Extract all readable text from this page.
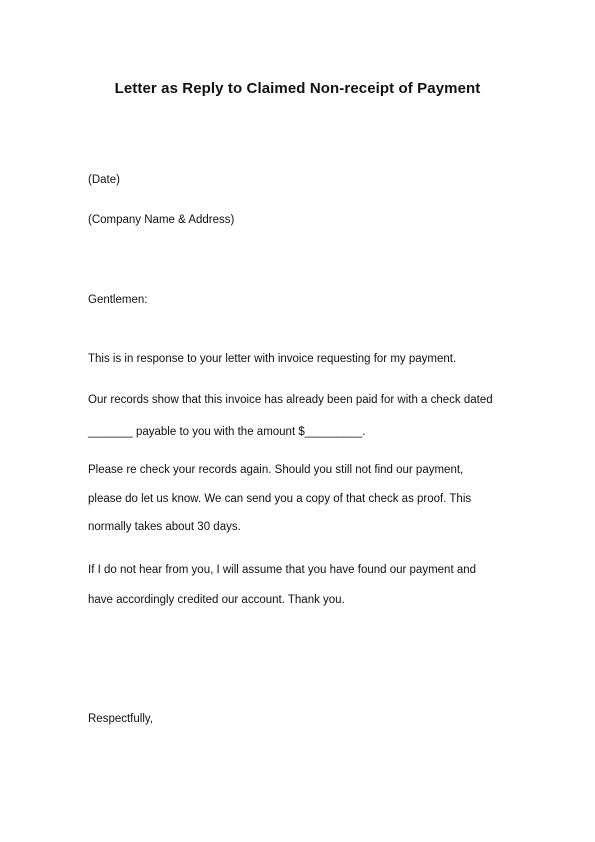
Letter as Reply to Claimed Non-receipt of Payment
(Date)
(Company Name & Address)
Gentlemen:
This is in response to your letter with invoice requesting for my payment.
Our records show that this invoice has already been paid for with a check dated
_______ payable to you with the amount $_________.
Please re check your records again. Should you still not find our payment,
please do let us know. We can send you a copy of that check as proof. This
normally takes about 30 days.
If I do not hear from you, I will assume that you have found our payment and
have accordingly credited our account. Thank you.
Respectfully,
